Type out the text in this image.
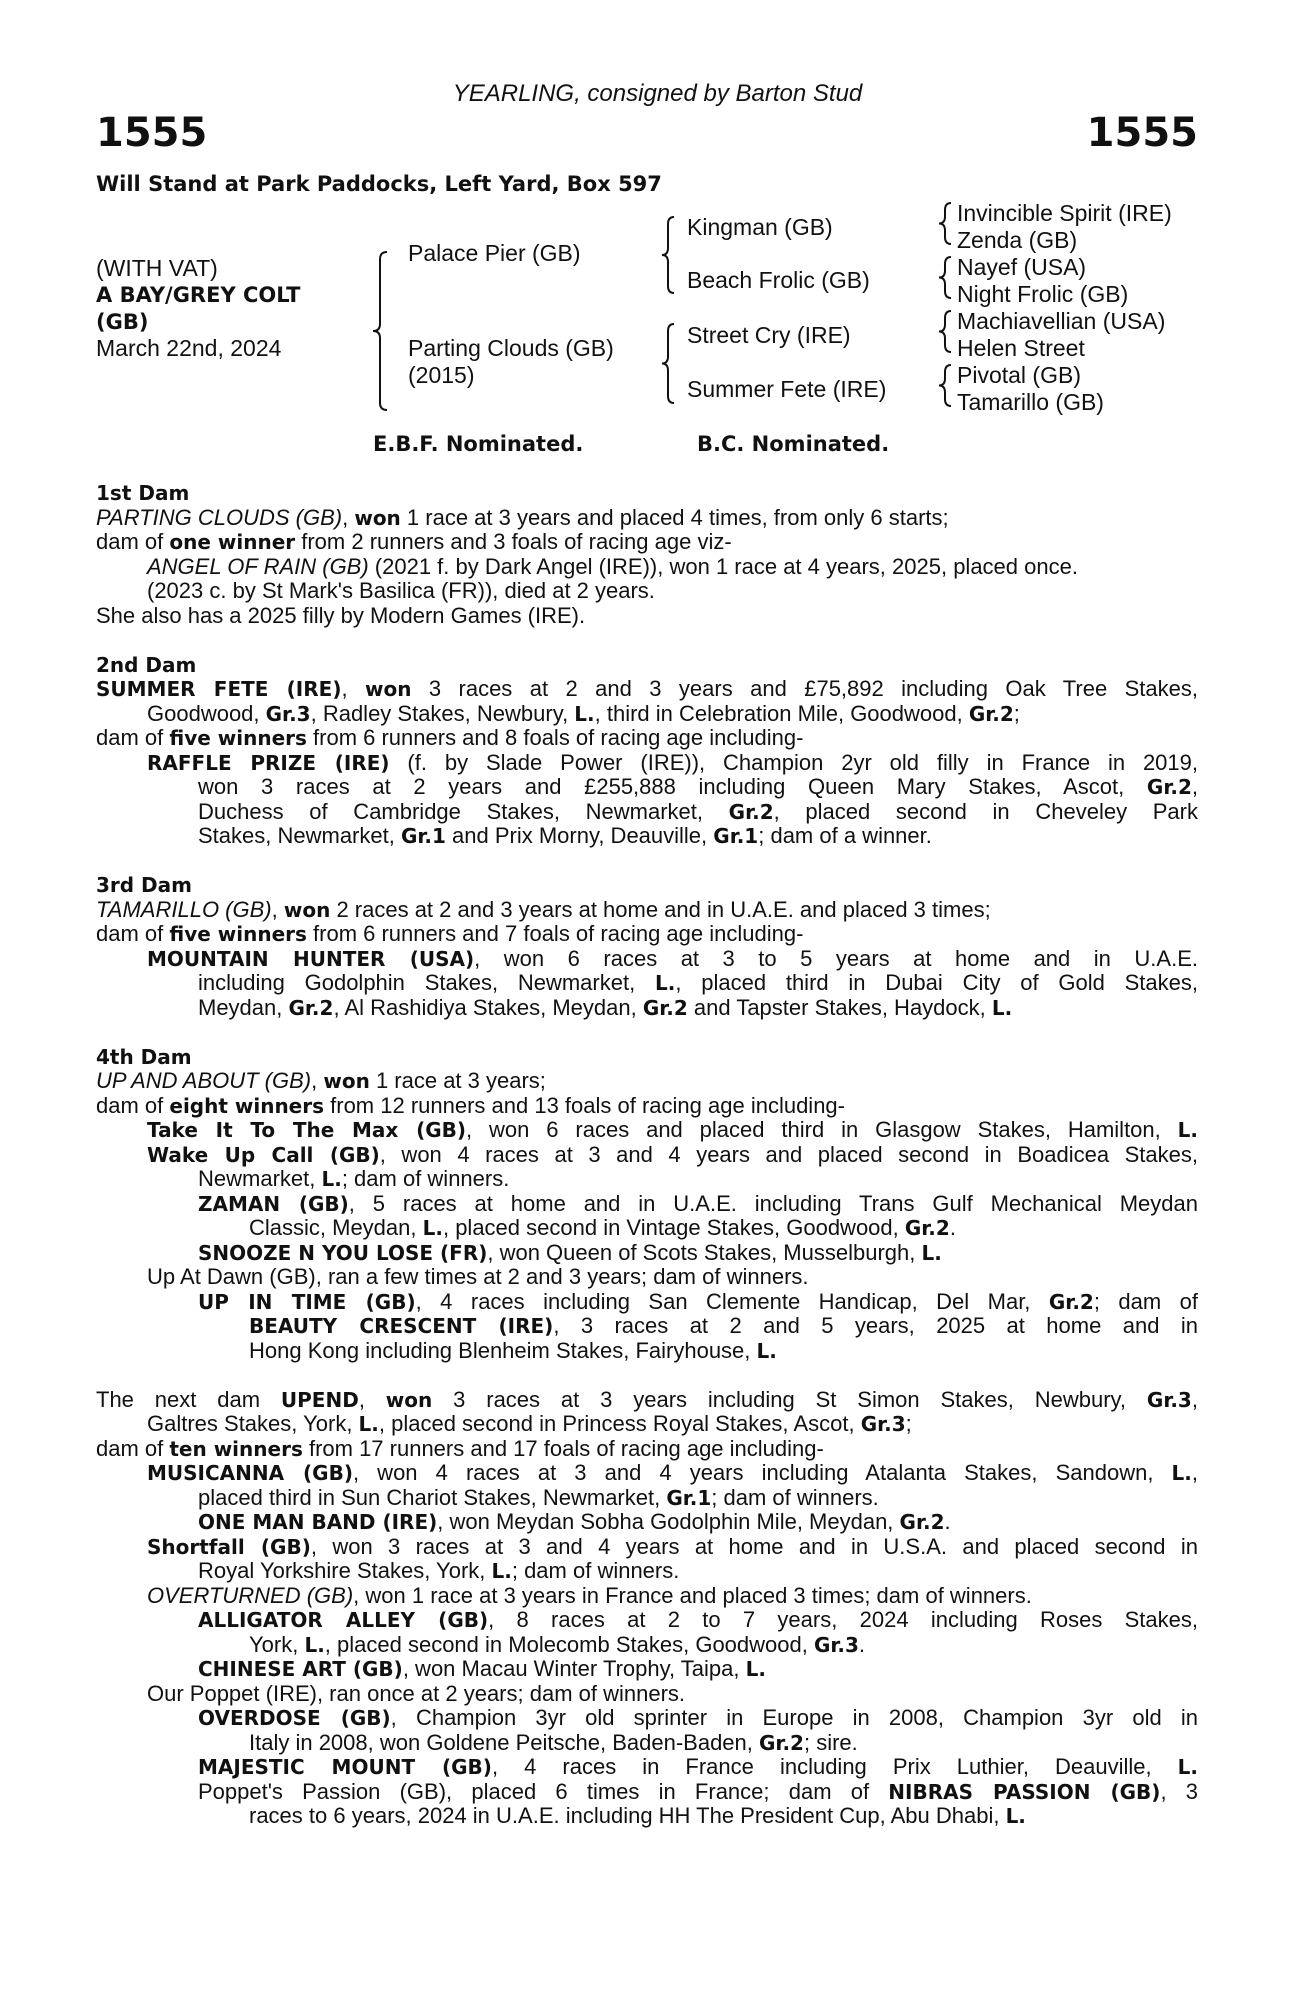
YEARLING, consigned by Barton Stud
1555	1555
Will Stand at Park Paddocks, Left Yard, Box 597
(WITH VAT)
A BAY/GREY COLT
(GB)
March 22nd, 2024
Palace Pier (GB)
Parting Clouds (GB)
(2015)
Kingman (GB)
Beach Frolic (GB)
Street Cry (IRE)
Summer Fete (IRE)
Invincible Spirit (IRE)
Zenda (GB)
Nayef (USA)
Night Frolic (GB)
Machiavellian (USA)
Helen Street
Pivotal (GB)
Tamarillo (GB)
E.B.F. Nominated.	B.C. Nominated.
1st Dam
PARTING CLOUDS (GB), won 1 race at 3 years and placed 4 times, from only 6 starts;
dam of one winner from 2 runners and 3 foals of racing age viz-
ANGEL OF RAIN (GB) (2021 f. by Dark Angel (IRE)), won 1 race at 4 years, 2025, placed once.
(2023 c. by St Mark's Basilica (FR)), died at 2 years.
She also has a 2025 filly by Modern Games (IRE).
2nd Dam
SUMMER FETE (IRE), won 3 races at 2 and 3 years and £75,892 including Oak Tree Stakes,
Goodwood, Gr.3, Radley Stakes, Newbury, L., third in Celebration Mile, Goodwood, Gr.2;
dam of five winners from 6 runners and 8 foals of racing age including-
RAFFLE PRIZE (IRE) (f. by Slade Power (IRE)), Champion 2yr old filly in France in 2019,
won 3 races at 2 years and £255,888 including Queen Mary Stakes, Ascot, Gr.2,
Duchess of Cambridge Stakes, Newmarket, Gr.2, placed second in Cheveley Park
Stakes, Newmarket, Gr.1 and Prix Morny, Deauville, Gr.1; dam of a winner.
3rd Dam
TAMARILLO (GB), won 2 races at 2 and 3 years at home and in U.A.E. and placed 3 times;
dam of five winners from 6 runners and 7 foals of racing age including-
MOUNTAIN HUNTER (USA), won 6 races at 3 to 5 years at home and in U.A.E.
including Godolphin Stakes, Newmarket, L., placed third in Dubai City of Gold Stakes,
Meydan, Gr.2, Al Rashidiya Stakes, Meydan, Gr.2 and Tapster Stakes, Haydock, L.
4th Dam
UP AND ABOUT (GB), won 1 race at 3 years;
dam of eight winners from 12 runners and 13 foals of racing age including-
Take It To The Max (GB), won 6 races and placed third in Glasgow Stakes, Hamilton, L.
Wake Up Call (GB), won 4 races at 3 and 4 years and placed second in Boadicea Stakes,
Newmarket, L.; dam of winners.
ZAMAN (GB), 5 races at home and in U.A.E. including Trans Gulf Mechanical Meydan
Classic, Meydan, L., placed second in Vintage Stakes, Goodwood, Gr.2.
SNOOZE N YOU LOSE (FR), won Queen of Scots Stakes, Musselburgh, L.
Up At Dawn (GB), ran a few times at 2 and 3 years; dam of winners.
UP IN TIME (GB), 4 races including San Clemente Handicap, Del Mar, Gr.2; dam of
BEAUTY CRESCENT (IRE), 3 races at 2 and 5 years, 2025 at home and in
Hong Kong including Blenheim Stakes, Fairyhouse, L.
The next dam UPEND, won 3 races at 3 years including St Simon Stakes, Newbury, Gr.3,
Galtres Stakes, York, L., placed second in Princess Royal Stakes, Ascot, Gr.3;
dam of ten winners from 17 runners and 17 foals of racing age including-
MUSICANNA (GB), won 4 races at 3 and 4 years including Atalanta Stakes, Sandown, L.,
placed third in Sun Chariot Stakes, Newmarket, Gr.1; dam of winners.
ONE MAN BAND (IRE), won Meydan Sobha Godolphin Mile, Meydan, Gr.2.
Shortfall (GB), won 3 races at 3 and 4 years at home and in U.S.A. and placed second in
Royal Yorkshire Stakes, York, L.; dam of winners.
OVERTURNED (GB), won 1 race at 3 years in France and placed 3 times; dam of winners.
ALLIGATOR ALLEY (GB), 8 races at 2 to 7 years, 2024 including Roses Stakes,
York, L., placed second in Molecomb Stakes, Goodwood, Gr.3.
CHINESE ART (GB), won Macau Winter Trophy, Taipa, L.
Our Poppet (IRE), ran once at 2 years; dam of winners.
OVERDOSE (GB), Champion 3yr old sprinter in Europe in 2008, Champion 3yr old in
Italy in 2008, won Goldene Peitsche, Baden-Baden, Gr.2; sire.
MAJESTIC MOUNT (GB), 4 races in France including Prix Luthier, Deauville, L.
Poppet's Passion (GB), placed 6 times in France; dam of NIBRAS PASSION (GB), 3
races to 6 years, 2024 in U.A.E. including HH The President Cup, Abu Dhabi, L.
